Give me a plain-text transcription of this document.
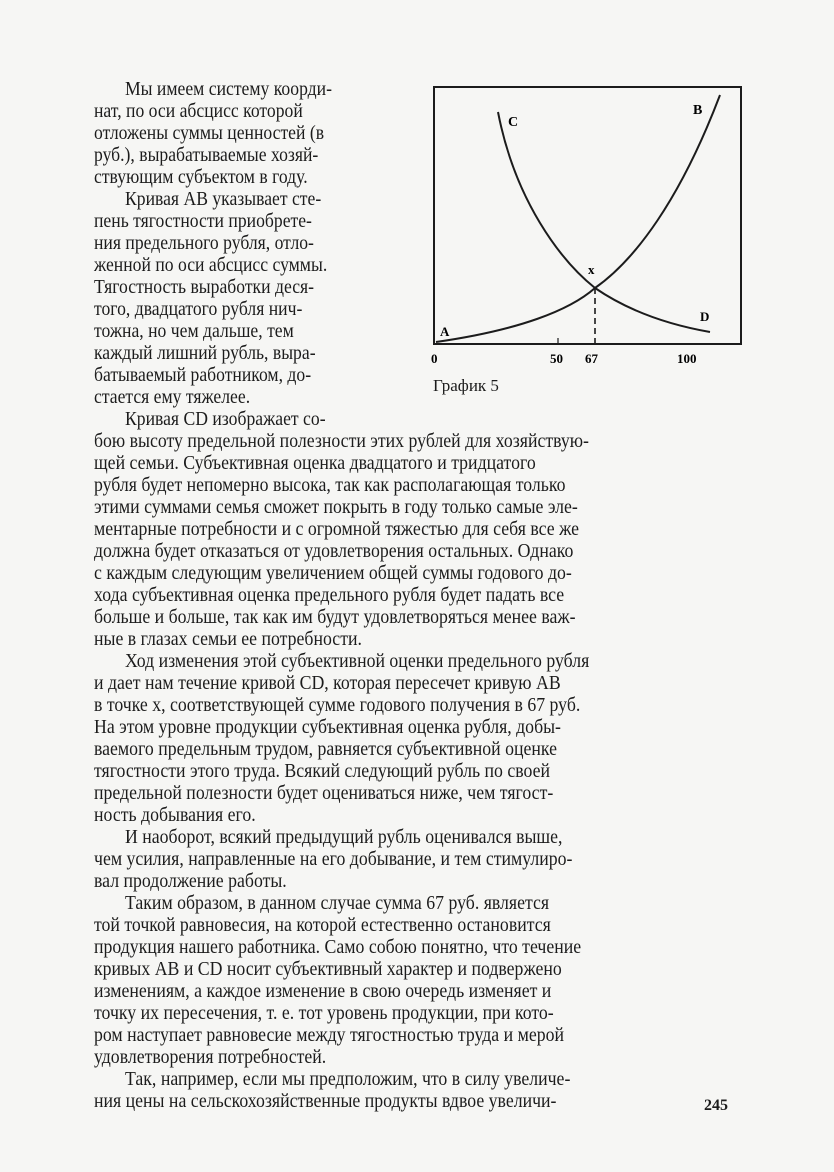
Мы имеем систему коорди-
нат, по оси абсцисс которой
отложены суммы ценностей (в
руб.), вырабатываемые хозяй-
ствующим субъектом в году.
Кривая AB указывает сте-
пень тягостности приобрете-
ния предельного рубля, отло-
женной по оси абсцисс суммы.
Тягостность выработки деся-
того, двадцатого рубля нич-
тожна, но чем дальше, тем
каждый лишний рубль, выра-
батываемый работником, до-
стается ему тяжелее.
Кривая CD изображает со-
C
B
x
A
D
0	50 67	100
График 5
бою высоту предельной полезности этих рублей для хозяйствую-
щей семьи. Субъективная оценка двадцатого и тридцатого
рубля будет непомерно высока, так как располагающая только
этими суммами семья сможет покрыть в году только самые эле-
ментарные потребности и с огромной тяжестью для себя все же
должна будет отказаться от удовлетворения остальных. Однако
с каждым следующим увеличением общей суммы годового до-
хода субъективная оценка предельного рубля будет падать все
больше и больше, так как им будут удовлетворяться менее важ-
ные в глазах семьи ее потребности.
Ход изменения этой субъективной оценки предельного рубля
и дает нам течение кривой CD, которая пересечет кривую AB
в точке x, соответствующей сумме годового получения в 67 руб.
На этом уровне продукции субъективная оценка рубля, добы-
ваемого предельным трудом, равняется субъективной оценке
тягостности этого труда. Всякий следующий рубль по своей
предельной полезности будет оцениваться ниже, чем тягост-
ность добывания его.
И наоборот, всякий предыдущий рубль оценивался выше,
чем усилия, направленные на его добывание, и тем стимулиро-
вал продолжение работы.
Таким образом, в данном случае сумма 67 руб. является
той точкой равновесия, на которой естественно остановится
продукция нашего работника. Само собою понятно, что течение
кривых AB и CD носит субъективный характер и подвержено
изменениям, а каждое изменение в свою очередь изменяет и
точку их пересечения, т. е. тот уровень продукции, при кото-
ром наступает равновесие между тягостностью труда и мерой
удовлетворения потребностей.
Так, например, если мы предположим, что в силу увеличе-
ния цены на сельскохозяйственные продукты вдвое увеличи-	245
